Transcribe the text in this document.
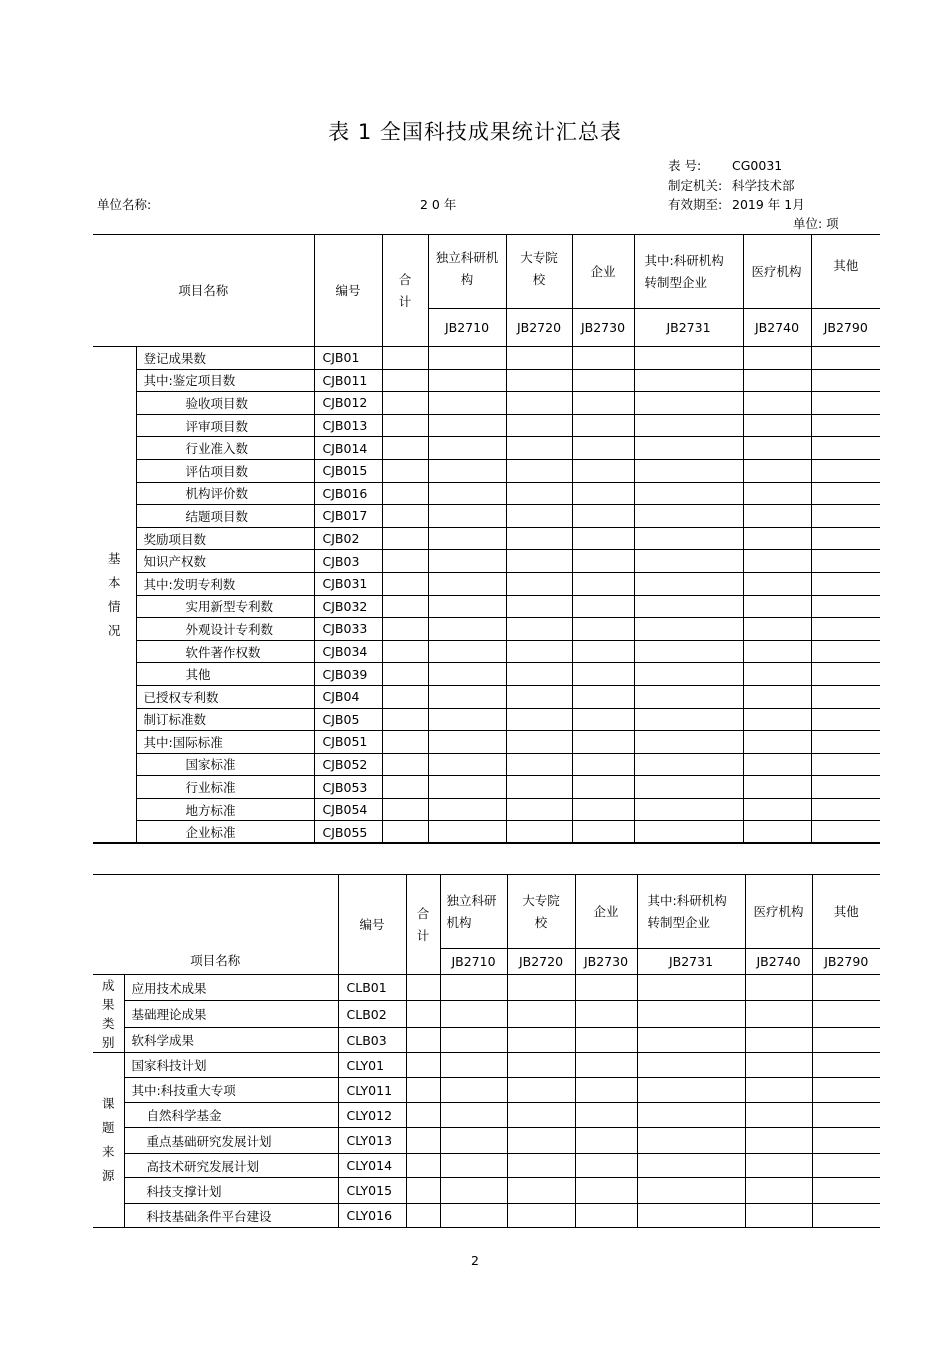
表 1 全国科技成果统计汇总表
表 号: CG0031
制定机关: 科学技术部
单位名称:	2 0 年	有效期至: 2019 年 1月
单位: 项
项目名称		编号	合计	独立科研机构	大专院校	企业	其中:科研机构转制型企业	医疗机构	其他
				JB2710	JB2720	JB2730	JB2731	JB2740	JB2790
基本情况	登记成果数	CJB01							
	其中:鉴定项目数	CJB011							
	验收项目数	CJB012							
	评审项目数	CJB013							
	行业准入数	CJB014							
	评估项目数	CJB015							
	机构评价数	CJB016							
	结题项目数	CJB017							
	奖励项目数	CJB02							
	知识产权数	CJB03							
	其中:发明专利数	CJB031							
	实用新型专利数	CJB032							
	外观设计专利数	CJB033							
	软件著作权数	CJB034							
	其他	CJB039							
	已授权专利数	CJB04							
	制订标准数	CJB05							
	其中:国际标准	CJB051							
	国家标准	CJB052							
	行业标准	CJB053							
	地方标准	CJB054							
	企业标准	CJB055							
项目名称		编号	合计	独立科研机构	大专院校	企业	其中:科研机构转制型企业	医疗机构	其他
				JB2710	JB2720	JB2730	JB2731	JB2740	JB2790
成果类别	应用技术成果	CLB01							
	基础理论成果	CLB02							
	软科学成果	CLB03							
课题来源	国家科技计划	CLY01							
	其中:科技重大专项	CLY011							
	自然科学基金	CLY012							
	重点基础研究发展计划	CLY013							
	高技术研究发展计划	CLY014							
	科技支撑计划	CLY015							
	科技基础条件平台建设	CLY016							
2
